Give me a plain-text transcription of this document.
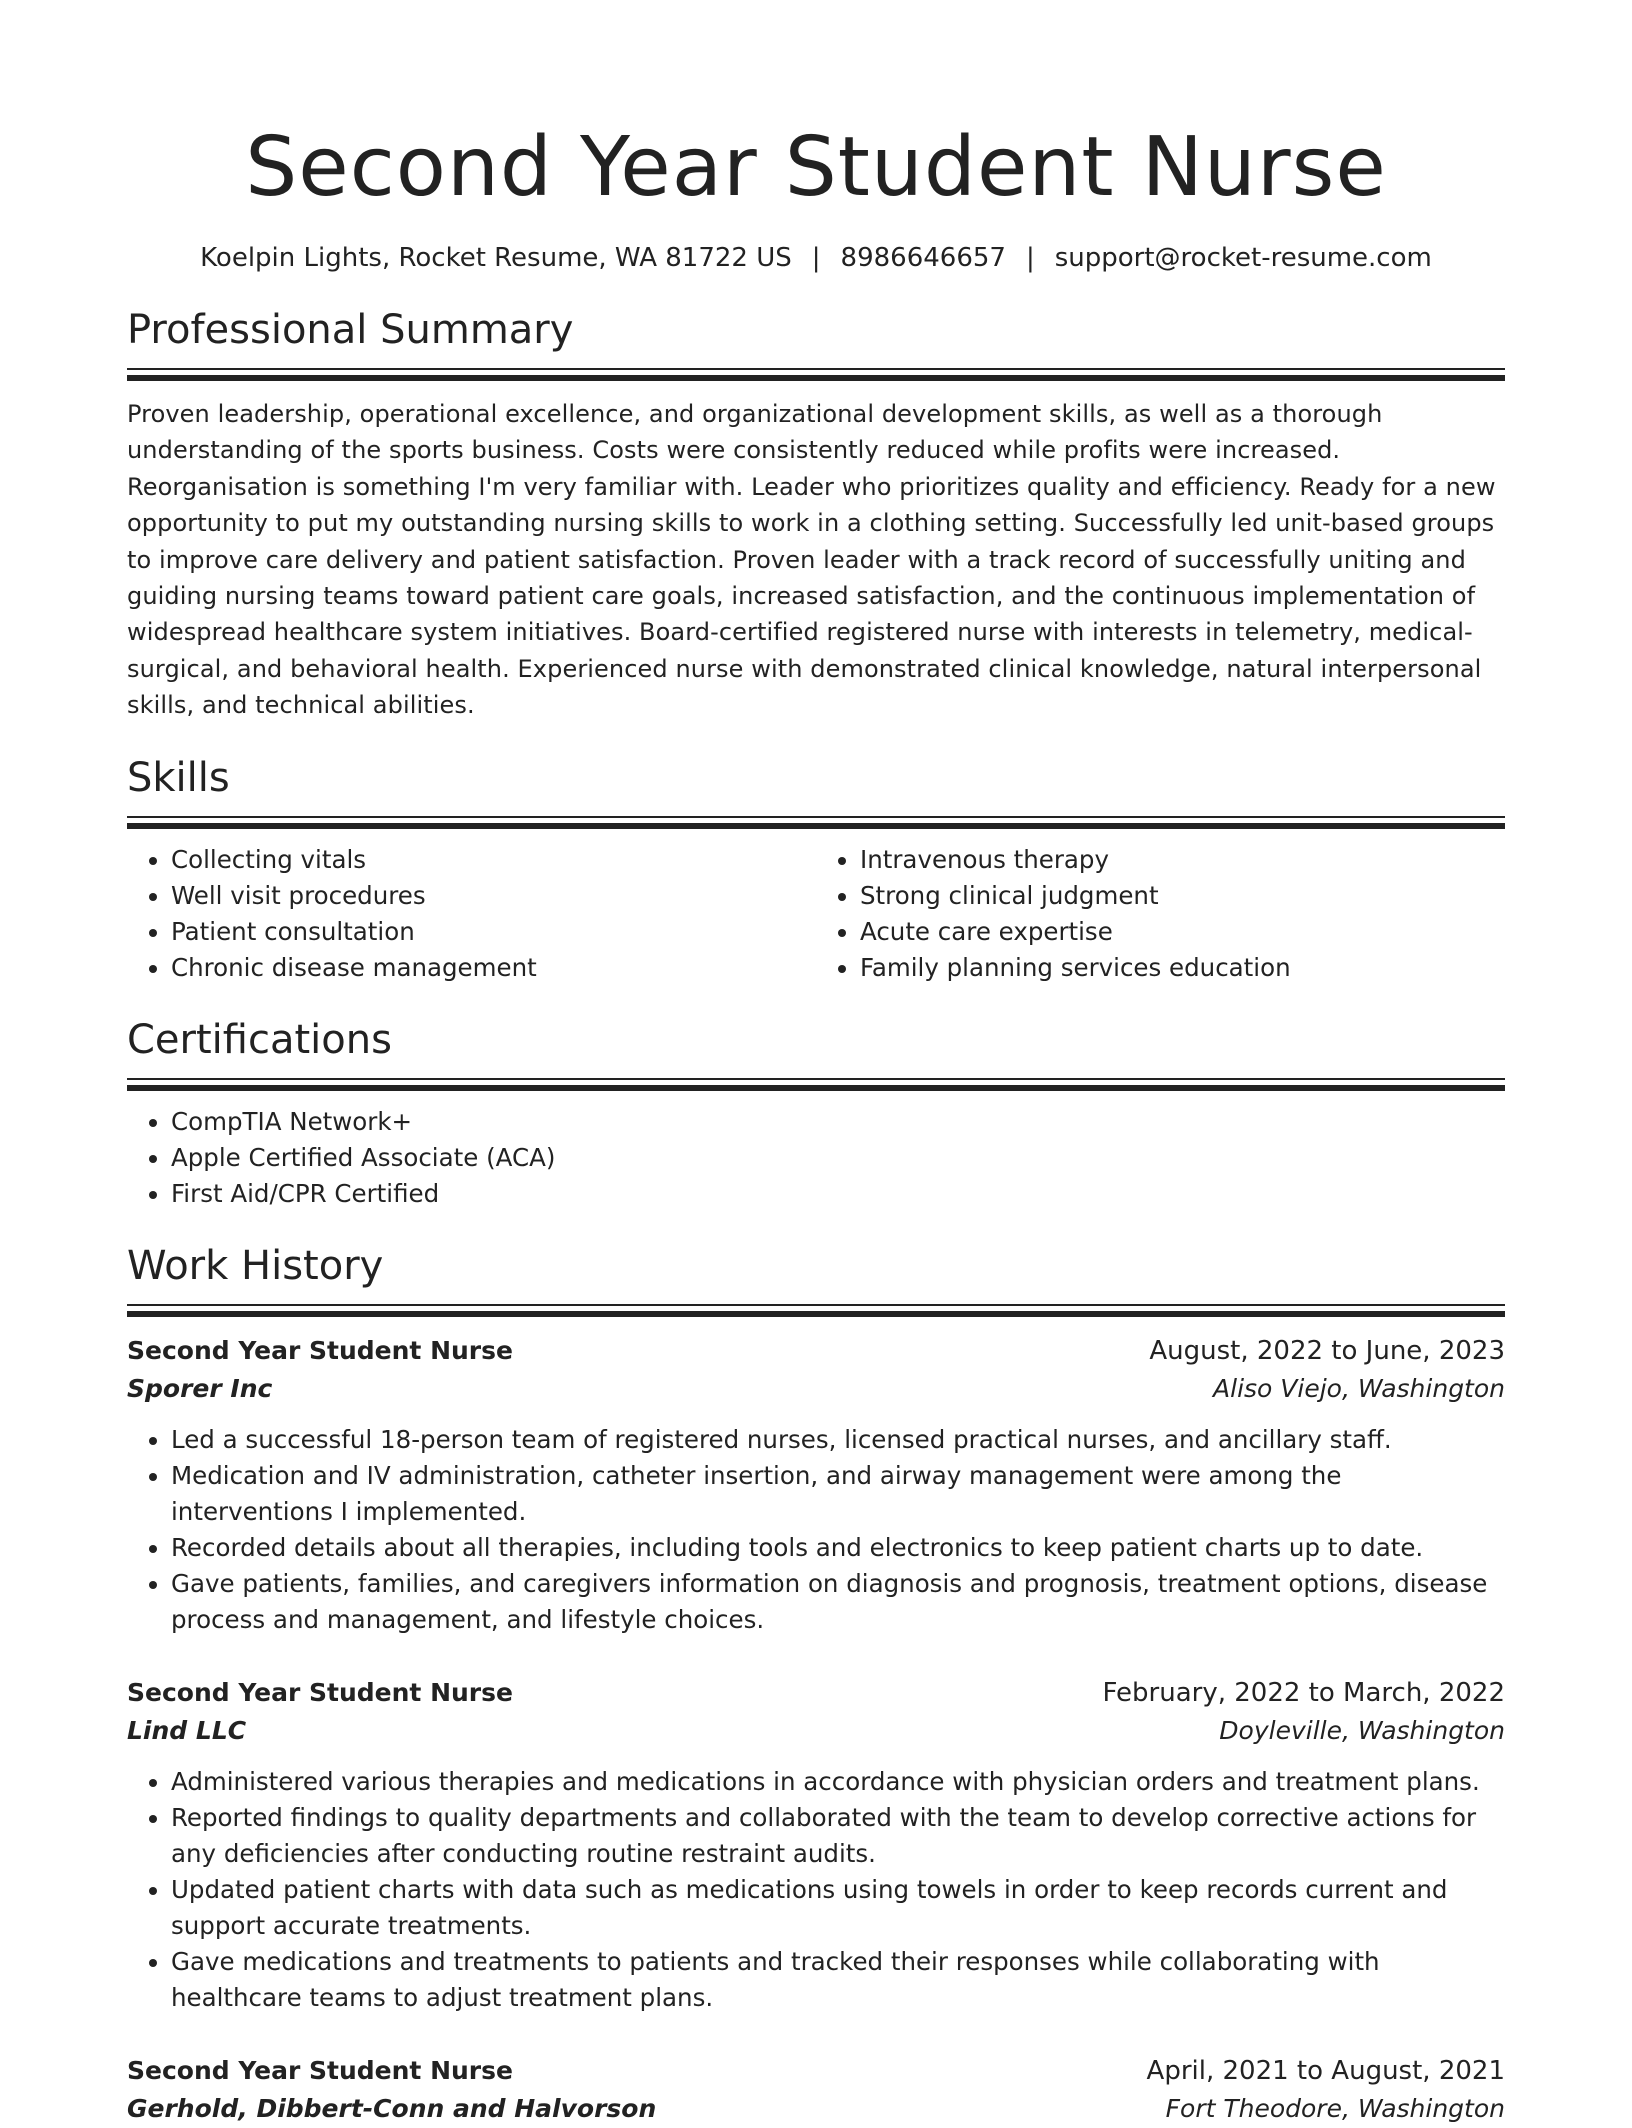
Second Year Student Nurse
Koelpin Lights, Rocket Resume, WA 81722 US | 8986646657 | support@rocket-resume.com
Professional Summary

Proven leadership, operational excellence, and organizational development skills, as well as a thorough understanding of the sports business. Costs were consistently reduced while profits were increased. Reorganisation is something I'm very familiar with. Leader who prioritizes quality and efficiency. Ready for a new opportunity to put my outstanding nursing skills to work in a clothing setting. Successfully led unit-based groups to improve care delivery and patient satisfaction. Proven leader with a track record of successfully uniting and guiding nursing teams toward patient care goals, increased satisfaction, and the continuous implementation of widespread healthcare system initiatives. Board-certified registered nurse with interests in telemetry, medical-surgical, and behavioral health. Experienced nurse with demonstrated clinical knowledge, natural interpersonal skills, and technical abilities.

Skills
• Collecting vitals
• Well visit procedures
• Patient consultation
• Chronic disease management
• Intravenous therapy
• Strong clinical judgment
• Acute care expertise
• Family planning services education
Certifications
• CompTIA Network+
• Apple Certified Associate (ACA)
• First Aid/CPR Certified
Work History
Second Year Student Nurse	August, 2022 to June, 2023
Sporer Inc	Aliso Viejo, Washington
• Led a successful 18-person team of registered nurses, licensed practical nurses, and ancillary staff.
• Medication and IV administration, catheter insertion, and airway management were among the interventions I implemented.
• Recorded details about all therapies, including tools and electronics to keep patient charts up to date.
• Gave patients, families, and caregivers information on diagnosis and prognosis, treatment options, disease process and management, and lifestyle choices.
Second Year Student Nurse	February, 2022 to March, 2022
Lind LLC	Doyleville, Washington
• Administered various therapies and medications in accordance with physician orders and treatment plans.
• Reported findings to quality departments and collaborated with the team to develop corrective actions for any deficiencies after conducting routine restraint audits.
• Updated patient charts with data such as medications using towels in order to keep records current and support accurate treatments.
• Gave medications and treatments to patients and tracked their responses while collaborating with healthcare teams to adjust treatment plans.
Second Year Student Nurse	April, 2021 to August, 2021
Gerhold, Dibbert-Conn and Halvorson	Fort Theodore, Washington
